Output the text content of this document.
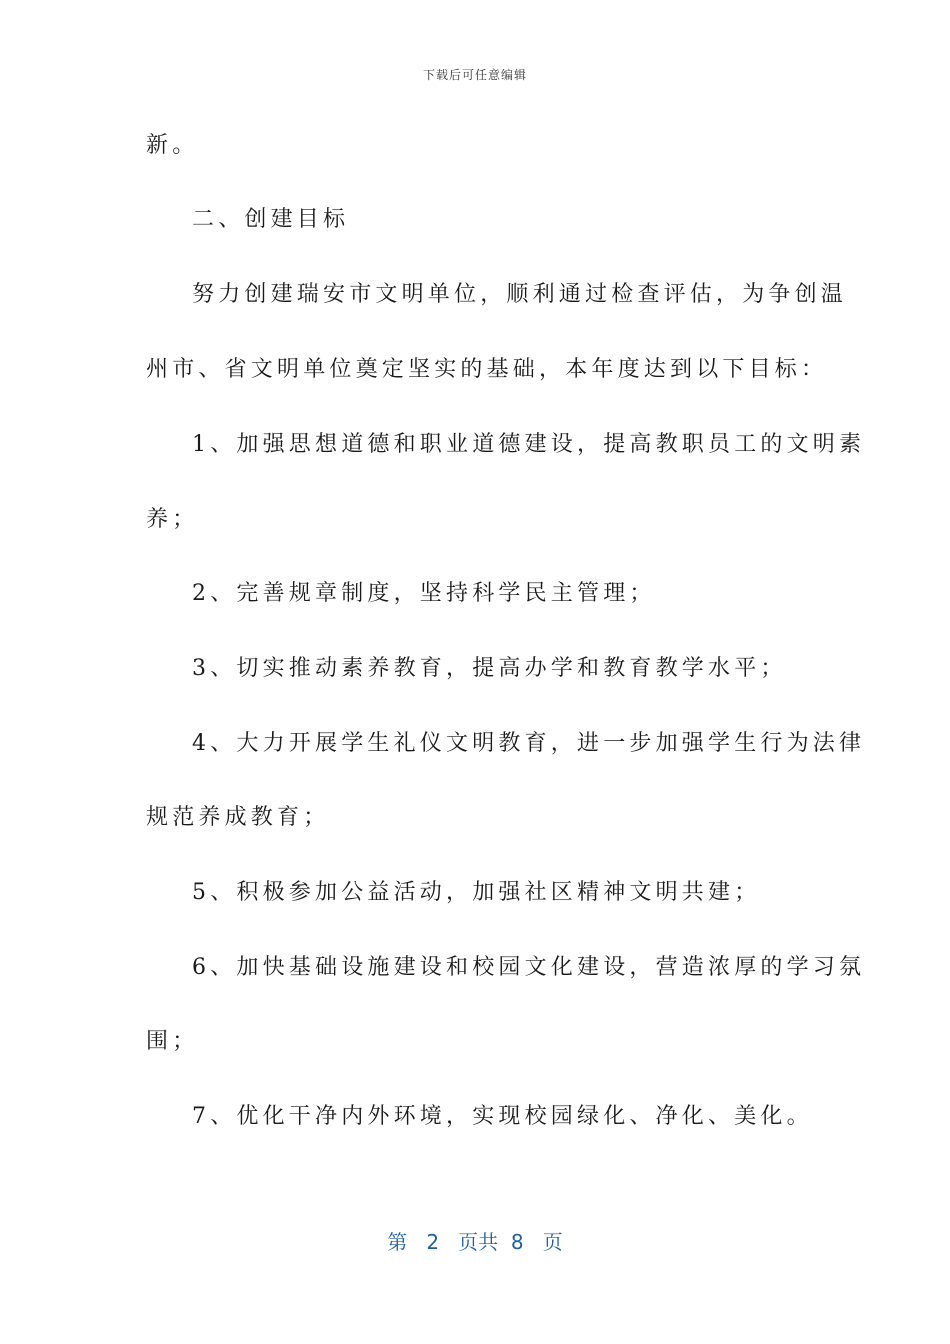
下载后可任意编辑
新。
二、创建目标
努力创建瑞安市文明单位，顺利通过检查评估，为争创温
州市、省文明单位奠定坚实的基础，本年度达到以下目标：
1、加强思想道德和职业道德建设，提高教职员工的文明素
养；
2、完善规章制度，坚持科学民主管理；
3、切实推动素养教育，提高办学和教育教学水平；
4、大力开展学生礼仪文明教育，进一步加强学生行为法律
规范养成教育；
5、积极参加公益活动，加强社区精神文明共建；
6、加快基础设施建设和校园文化建设，营造浓厚的学习氛
围；
7、优化干净内外环境，实现校园绿化、净化、美化。
第 2 页共 8 页
